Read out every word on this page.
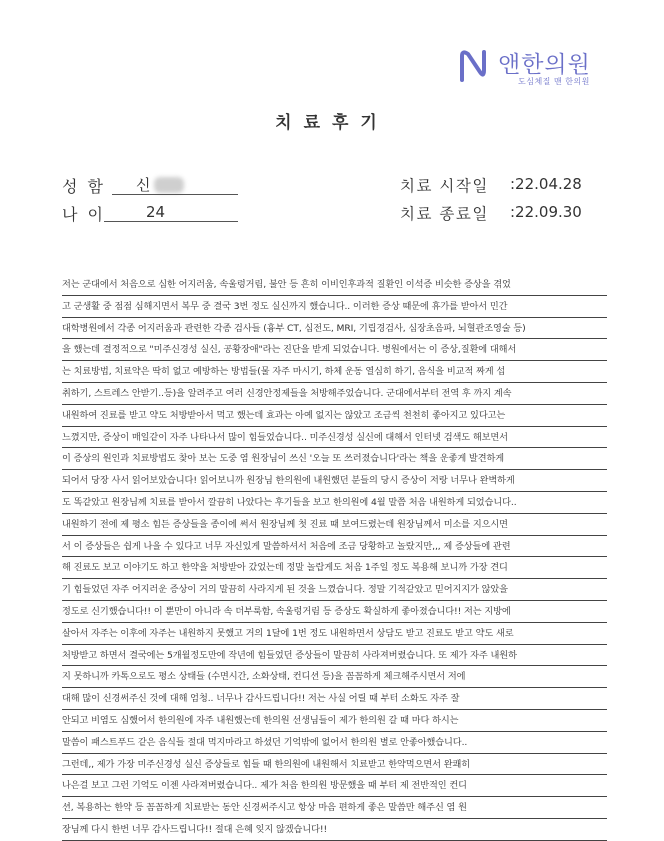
앤한의원
도심체질 맨 한의원
치료후기
성함 신
나이 24
치료 시작일 :22.04.28
치료 종료일 :22.09.30
저는 군대에서 처음으로 심한 어지러움, 속울렁거림, 불안 등 흔히 이비인후과적 질환인 이석증 비슷한 증상을 겪었
고 군생활 중 점점 심해지면서 복무 중 결국 3번 정도 실신까지 했습니다.. 이러한 증상 때문에 휴가를 받아서 민간
대학병원에서 각종 어지러움과 관련한 각종 검사들 (흉부 CT, 심전도, MRI, 기립경검사, 심장초음파, 뇌혈관조영술 등)
을 했는데 결정적으로 "미주신경성 실신, 공황장애"라는 진단을 받게 되었습니다. 병원에서는 이 증상,질환에 대해서
는 치료방법, 치료약은 딱히 없고 예방하는 방법들(물 자주 마시기, 하체 운동 열심히 하기, 음식을 비교적 짜게 섭
취하기, 스트레스 안받기..등)을 알려주고 여러 신경안정제들을 처방해주었습니다. 군대에서부터 전역 후 까지 계속
내원하여 진료를 받고 약도 처방받아서 먹고 했는데 효과는 아예 없지는 않았고 조금씩 천천히 좋아지고 있다고는
느꼈지만, 증상이 매일같이 자주 나타나서 많이 힘들었습니다.. 미주신경성 실신에 대해서 인터넷 검색도 해보면서
이 증상의 원인과 치료방법도 찾아 보는 도중 염 원장님이 쓰신 '오늘 또 쓰러졌습니다'라는 책을 운좋게 발견하게
되어서 당장 사서 읽어보았습니다! 읽어보니까 원장님 한의원에 내원했던 분들의 당시 증상이 저랑 너무나 완벽하게
도 똑같았고 원장님께 치료를 받아서 깔끔히 나았다는 후기들을 보고 한의원에 4월 말쯤 처음 내원하게 되었습니다..
내원하기 전에 제 평소 힘든 증상들을 종이에 써서 원장님께 첫 진료 때 보여드렸는데 원장님께서 미소를 지으시면
서 이 증상들은 쉽게 나을 수 있다고 너무 자신있게 말씀하셔서 처음에 조금 당황하고 놀랐지만,,, 제 증상들에 관련
해 진료도 보고 이야기도 하고 한약을 처방받아 갔었는데 정말 놀랍게도 처음 1주일 정도 복용해 보니까 가장 견디
기 힘들었던 자주 어지러운 증상이 거의 말끔히 사라지게 된 것을 느꼈습니다. 정말 기적같았고 믿어지지가 않았을
정도로 신기했습니다!! 이 뿐만이 아니라 속 더부룩함, 속울렁거림 등 증상도 확실하게 좋아졌습니다!! 저는 지방에
살아서 자주는 이후에 자주는 내원하지 못했고 거의 1달에 1번 정도 내원하면서 상담도 받고 진료도 받고 약도 새로
처방받고 하면서 결국에는 5개월정도만에 작년에 힘들었던 증상들이 말끔히 사라져버렸습니다. 또 제가 자주 내원하
지 못하니까 카톡으로도 평소 상태들 (수면시간, 소화상태, 컨디션 등)을 꼼꼼하게 체크해주시면서 저에
대해 많이 신경써주신 것에 대해 엄청.. 너무나 감사드립니다!! 저는 사실 어릴 때 부터 소화도 자주 잘
안되고 비염도 심했어서 한의원에 자주 내원했는데 한의원 선생님들이 제가 한의원 갈 때 마다 하시는
말씀이 패스트푸드 같은 음식들 절대 먹지마라고 하셨던 기억밖에 없어서 한의원 별로 안좋아했습니다..
그런데,, 제가 가장 미주신경성 실신 증상들로 힘들 때 한의원에 내원해서 치료받고 한약먹으면서 완쾌히
나은걸 보고 그런 기억도 이젠 사라져버렸습니다.. 제가 처음 한의원 방문했을 때 부터 제 전반적인 컨디
션, 복용하는 한약 등 꼼꼼하게 치료받는 동안 신경써주시고 항상 마음 편하게 좋은 말씀만 해주신 염 원
장님께 다시 한번 너무 감사드립니다!! 절대 은혜 잊지 않겠습니다!!
